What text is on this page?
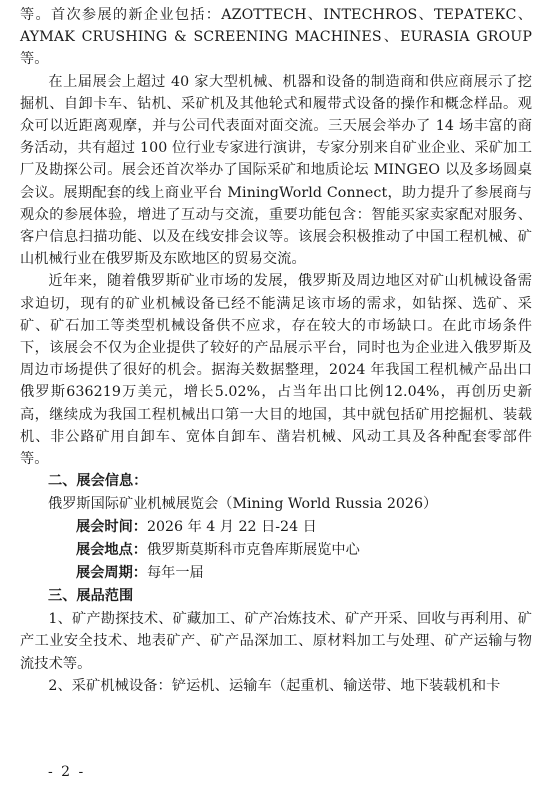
等。首次参展的新企业包括：AZOTTECH、INTECHROS、ТЕРАТЕКС、AYMAK CRUSHING & SCREENING MACHINES、EURASIA GROUP 等。

在上届展会上超过 40 家大型机械、机器和设备的制造商和供应商展示了挖掘机、自卸卡车、钻机、采矿机及其他轮式和履带式设备的操作和概念样品。观众可以近距离观摩，并与公司代表面对面交流。三天展会举办了 14 场丰富的商务活动，共有超过 100 位行业专家进行演讲，专家分别来自矿业企业、采矿加工厂及勘探公司。展会还首次举办了国际采矿和地质论坛 MINGEO 以及多场圆桌会议。展期配套的线上商业平台 MiningWorld Connect，助力提升了参展商与观众的参展体验，增进了互动与交流，重要功能包含：智能买家卖家配对服务、客户信息扫描功能、以及在线安排会议等。该展会积极推动了中国工程机械、矿山机械行业在俄罗斯及东欧地区的贸易交流。

近年来，随着俄罗斯矿业市场的发展，俄罗斯及周边地区对矿山机械设备需求迫切，现有的矿业机械设备已经不能满足该市场的需求，如钻探、选矿、采矿、矿石加工等类型机械设备供不应求，存在较大的市场缺口。在此市场条件下，该展会不仅为企业提供了较好的产品展示平台，同时也为企业进入俄罗斯及周边市场提供了很好的机会。据海关数据整理，2024 年我国工程机械产品出口俄罗斯636219万美元，增长5.02%，占当年出口比例12.04%，再创历史新高，继续成为我国工程机械出口第一大目的地国，其中就包括矿用挖掘机、装载机、非公路矿用自卸车、宽体自卸车、凿岩机械、风动工具及各种配套零部件等。

二、展会信息：俄罗斯国际矿业机械展览会（Mining World Russia 2026）

展会时间：2026 年 4 月 22 日-24 日

展会地点：俄罗斯莫斯科市克鲁库斯展览中心

展会周期：每年一届

三、展品范围

1、矿产勘探技术、矿藏加工、矿产冶炼技术、矿产开采、回收与再利用、矿产工业安全技术、地表矿产、矿产品深加工、原材料加工与处理、矿产运输与物流技术等。

2、采矿机械设备：铲运机、运输车（起重机、输送带、地下装载机和卡

- 2 -
